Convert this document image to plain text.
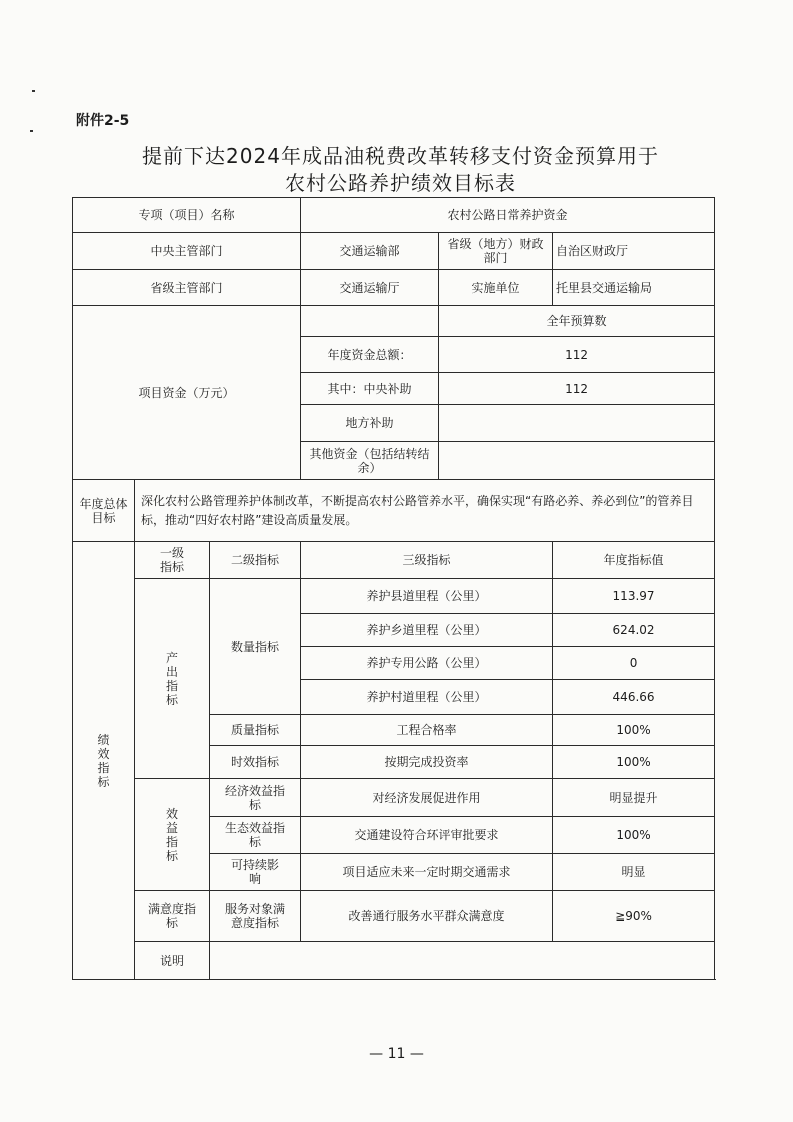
附件2-5
提前下达2024年成品油税费改革转移支付资金预算用于
农村公路养护绩效目标表
专项（项目）名称			农村公路日常养护资金		
中央主管部门			交通运输部	省级（地方）财政部门	自治区财政厅
省级主管部门			交通运输厅	实施单位	托里县交通运输局
项目资金（万元）				全年预算数	
			年度资金总额：	112	
			其中：中央补助	112	
			地方补助		
			其他资金（包括结转结余）		
年度总体目标	深化农村公路管理养护体制改革，不断提高农村公路管养水平，确保实现“有路必养、养必到位”的管养目标，推动“四好农村路”建设高质量发展。				
绩效指标	一级指标	二级指标	三级指标		年度指标值
	产出指标	数量指标	养护县道里程（公里）		113.97
			养护乡道里程（公里）		624.02
			养护专用公路（公里）		0
			养护村道里程（公里）		446.66
		质量指标	工程合格率		100%
		时效指标	按期完成投资率		100%
	效益指标	经济效益指标	对经济发展促进作用		明显提升
		生态效益指标	交通建设符合环评审批要求		100%
		可持续影响	项目适应未来一定时期交通需求		明显
	满意度指标	服务对象满意度指标	改善通行服务水平群众满意度		≧90%
	说明				
— 11 —
